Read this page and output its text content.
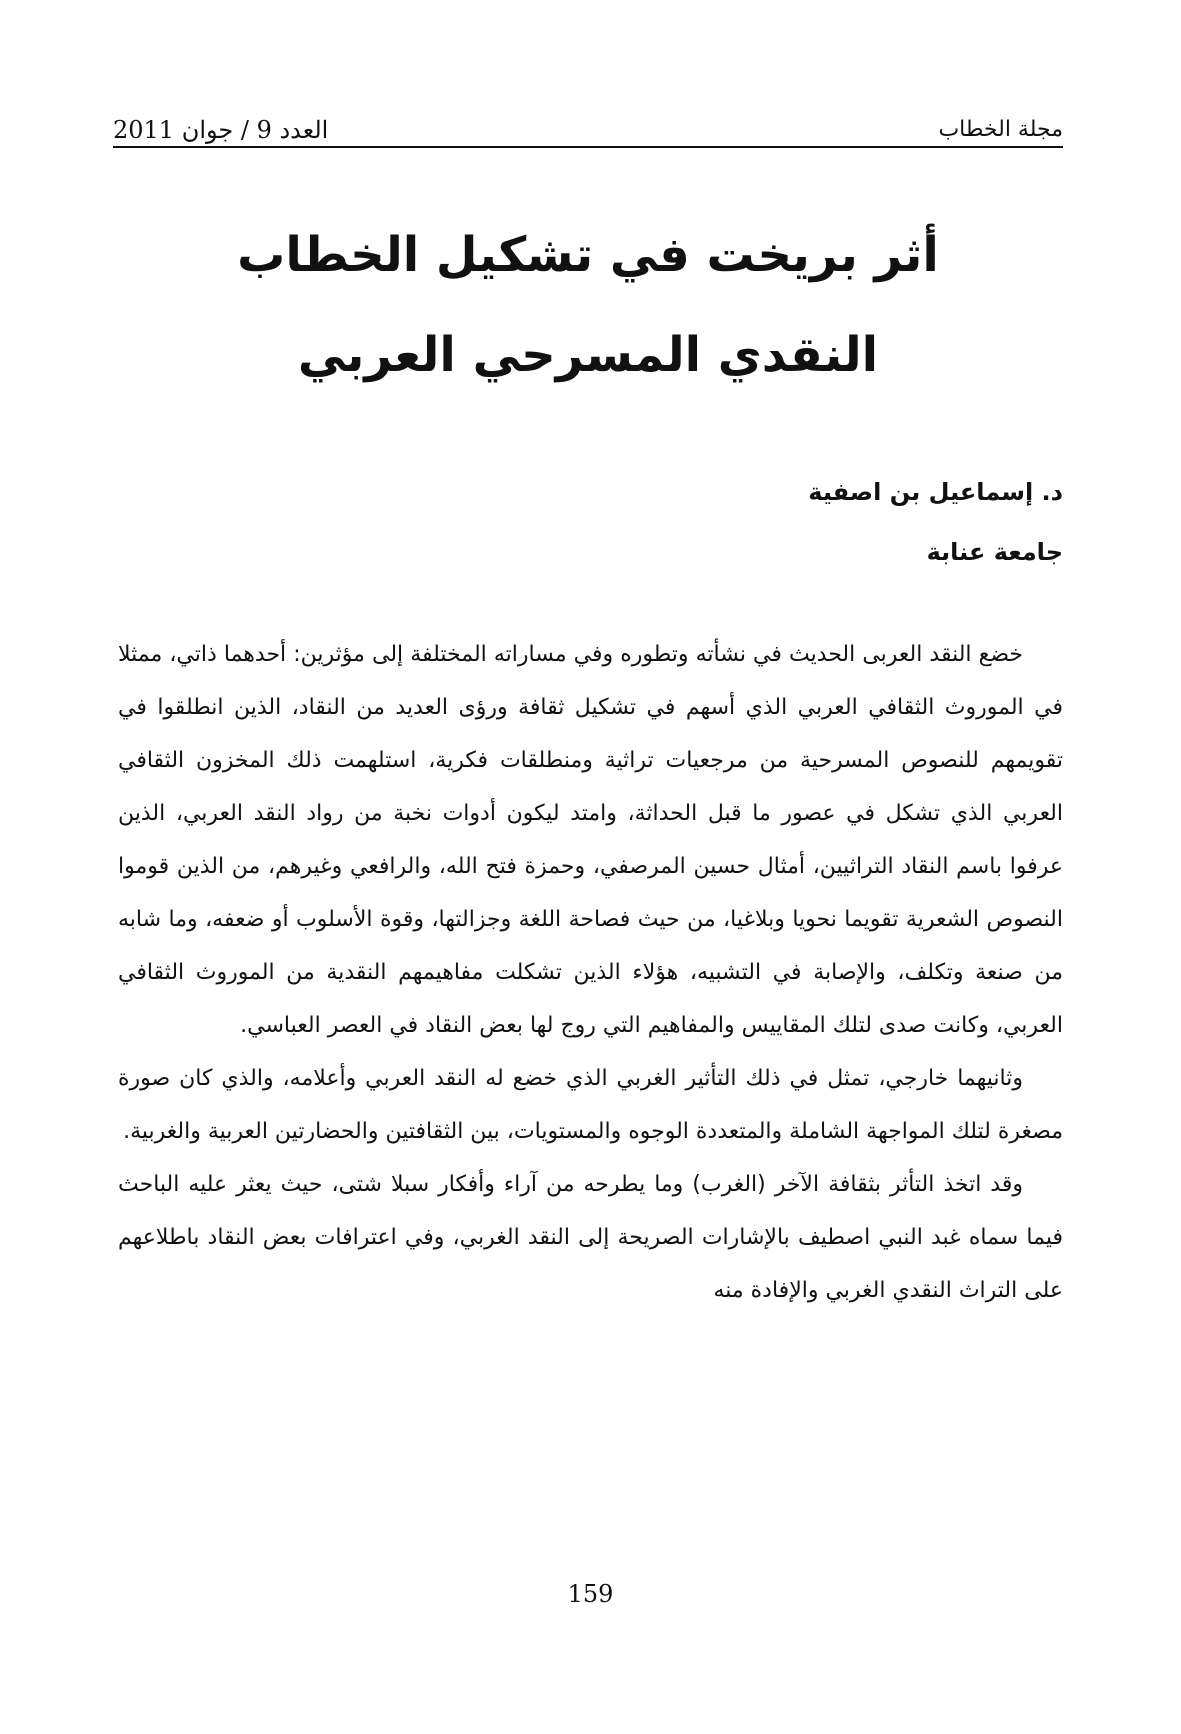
مجلة الخطاب
العدد 9 / جوان 2011
أثر بريخت في تشكيل الخطاب
النقدي المسرحي العربي
د. إسماعيل بن اصفية
جامعة عنابة

خضع النقد العربى الحديث في نشأته وتطوره وفي مساراته المختلفة إلى مؤثرين: أحدهما ذاتي، ممثلا في الموروث الثقافي العربي الذي أسهم في تشكيل ثقافة ورؤى العديد من النقاد، الذين انطلقوا في تقويمهم للنصوص المسرحية من مرجعيات تراثية ومنطلقات فكرية، استلهمت ذلك المخزون الثقافي العربي الذي تشكل في عصور ما قبل الحداثة، وامتد ليكون أدوات نخبة من رواد النقد العربي، الذين عرفوا باسم النقاد التراثيين، أمثال حسين المرصفي، وحمزة فتح الله، والرافعي وغيرهم، من الذين قوموا النصوص الشعرية تقويما نحويا وبلاغيا، من حيث فصاحة اللغة وجزالتها، وقوة الأسلوب أو ضعفه، وما شابه من صنعة وتكلف، والإصابة في التشبيه، هؤلاء الذين تشكلت مفاهيمهم النقدية من الموروث الثقافي العربي، وكانت صدى لتلك المقاييس والمفاهيم التي روج لها بعض النقاد في العصر العباسي.

وثانيهما خارجي، تمثل في ذلك التأثير الغربي الذي خضع له النقد العربي وأعلامه، والذي كان صورة مصغرة لتلك المواجهة الشاملة والمتعددة الوجوه والمستويات، بين الثقافتين والحضارتين العربية والغربية.

وقد اتخذ التأثر بثقافة الآخر (الغرب) وما يطرحه من آراء وأفكار سبلا شتى، حيث يعثر عليه الباحث فيما سماه غبد النبي اصطيف بالإشارات الصريحة إلى النقد الغربي، وفي اعترافات بعض النقاد باطلاعهم على التراث النقدي الغربي والإفادة منه

159
